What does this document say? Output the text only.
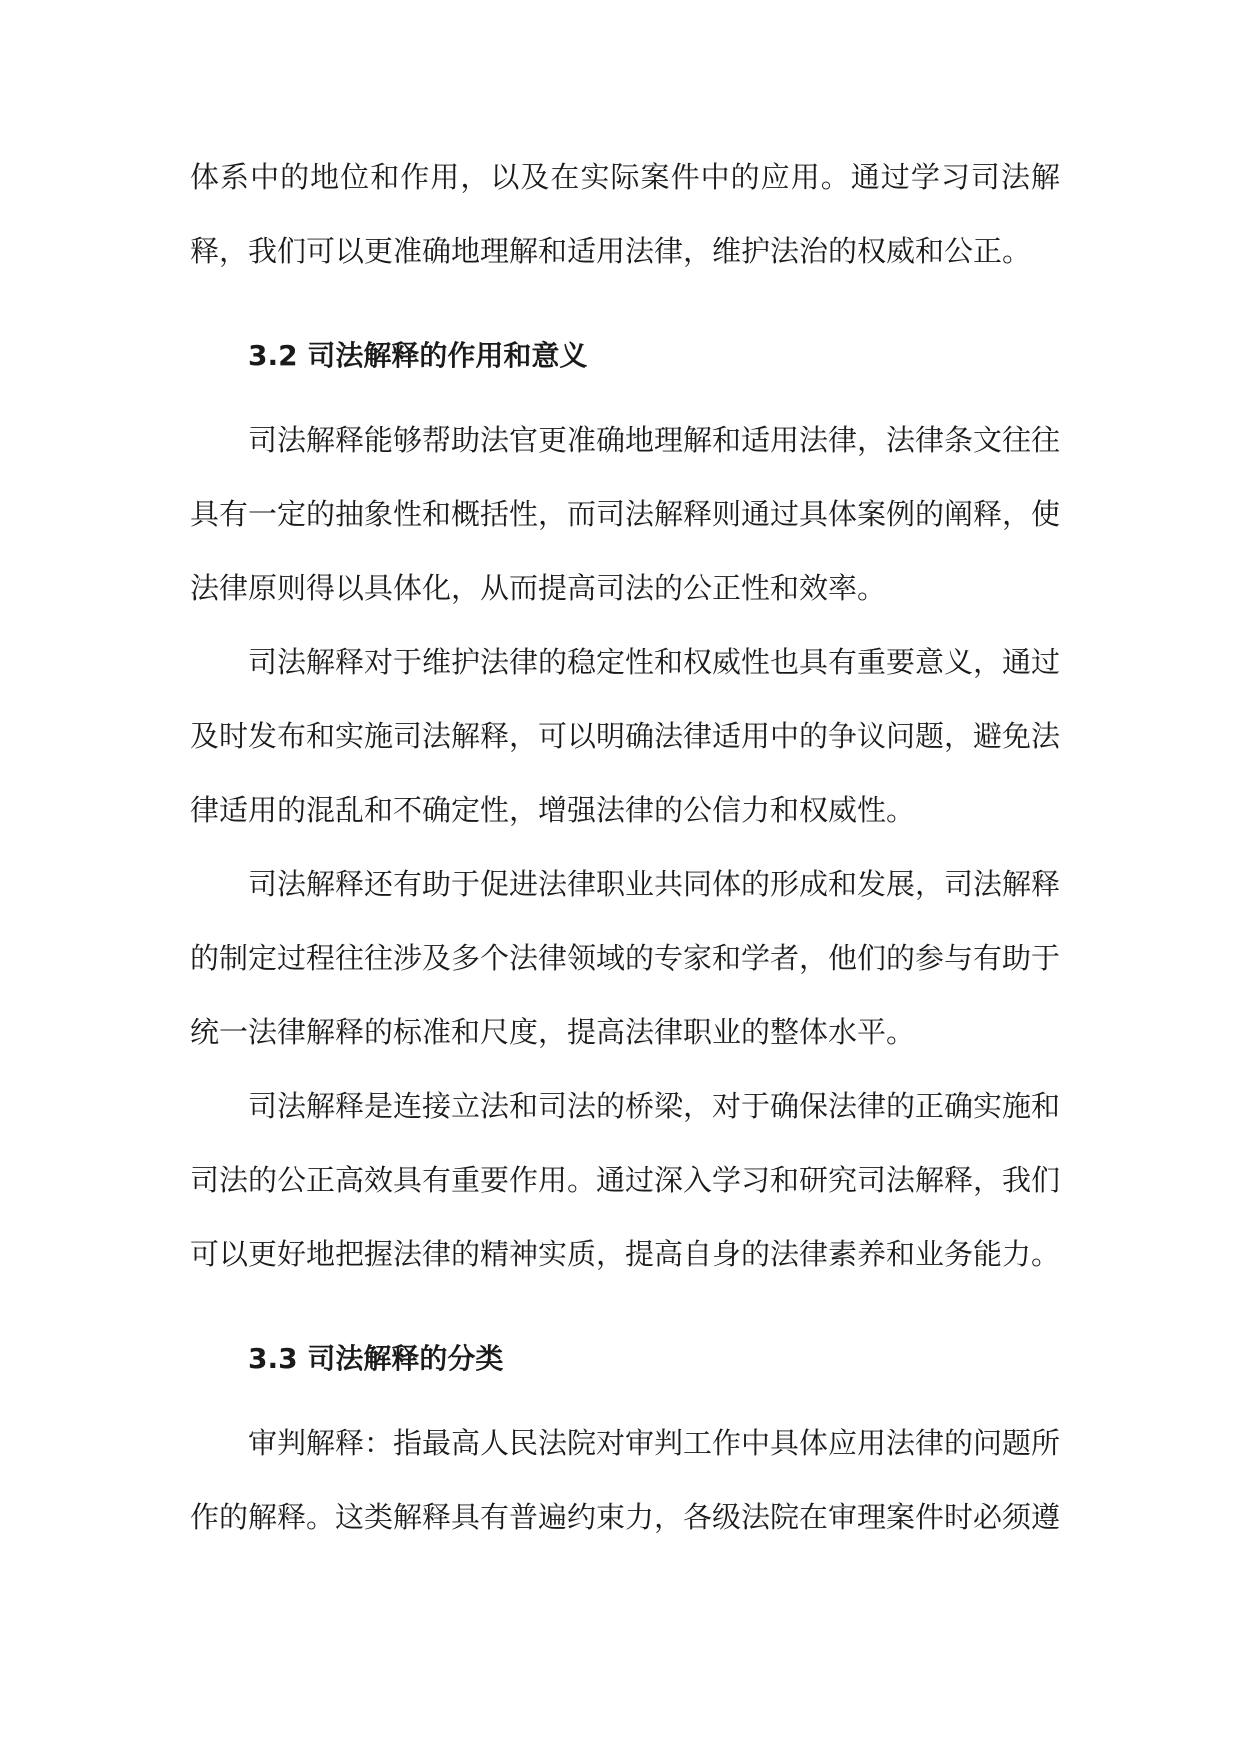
体系中的地位和作用，以及在实际案件中的应用。通过学习司法解释，我们可以更准确地理解和适用法律，维护法治的权威和公正。

3.2 司法解释的作用和意义

司法解释能够帮助法官更准确地理解和适用法律，法律条文往往具有一定的抽象性和概括性，而司法解释则通过具体案例的阐释，使法律原则得以具体化，从而提高司法的公正性和效率。

司法解释对于维护法律的稳定性和权威性也具有重要意义，通过及时发布和实施司法解释，可以明确法律适用中的争议问题，避免法律适用的混乱和不确定性，增强法律的公信力和权威性。

司法解释还有助于促进法律职业共同体的形成和发展，司法解释的制定过程往往涉及多个法律领域的专家和学者，他们的参与有助于统一法律解释的标准和尺度，提高法律职业的整体水平。

司法解释是连接立法和司法的桥梁，对于确保法律的正确实施和司法的公正高效具有重要作用。通过深入学习和研究司法解释，我们可以更好地把握法律的精神实质，提高自身的法律素养和业务能力。

3.3 司法解释的分类

审判解释：指最高人民法院对审判工作中具体应用法律的问题所作的解释。这类解释具有普遍约束力，各级法院在审理案件时必须遵
